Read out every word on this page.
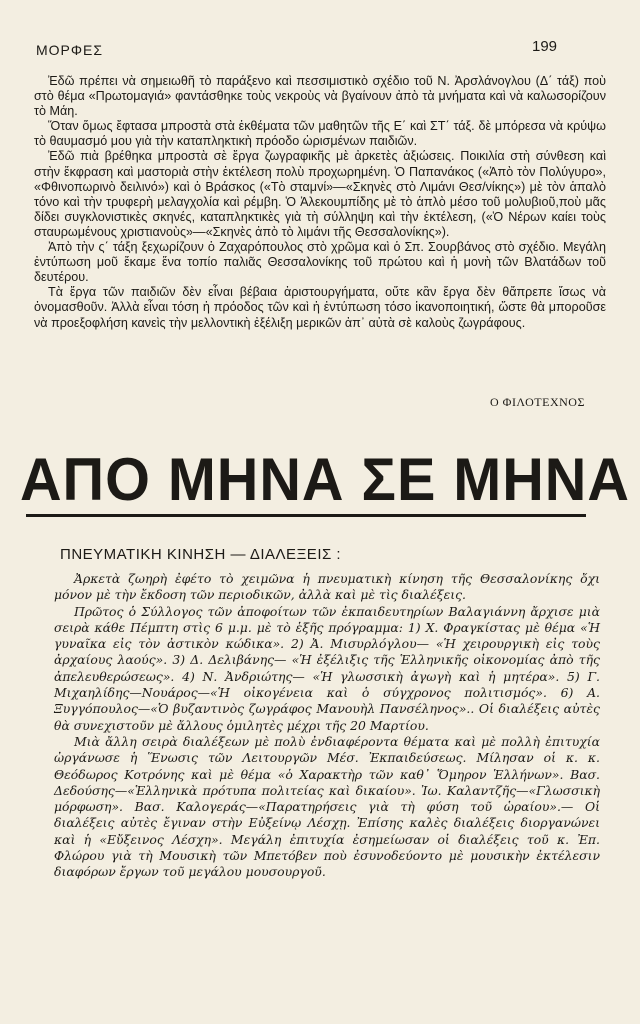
ΜΟΡΦΕΣ	199

Ἐδῶ πρέπει νὰ σημειωθῆ τὸ παράξενο καὶ πεσσιμιστικὸ σχέδιο τοῦ Ν. Ἀρσλάνογλου (Δ΄ τάξ) ποὺ στὸ θέμα «Πρωτομαγιά» φαντάσθηκε τοὺς νεκροὺς νὰ βγαίνουν ἀπὸ τὰ μνήματα καὶ νὰ καλωσορίζουν τὸ Μάη.

Ὅταν ὅμως ἔφτασα μπροστὰ στὰ ἐκθέματα τῶν μαθητῶν τῆς Ε΄ καὶ ΣΤ΄ τάξ. δὲ μπόρεσα νὰ κρύψω τὸ θαυμασμό μου γιὰ τὴν καταπληκτικὴ πρόοδο ὡρισμένων παιδιῶν.

Ἐδῶ πιὰ βρέθηκα μπροστὰ σὲ ἔργα ζωγραφικῆς μὲ ἀρκετὲς ἀξιώσεις. Ποικιλία στὴ σύνθεση καὶ στὴν ἔκφραση καὶ μαστοριὰ στὴν ἐκτέλεση πολὺ προχωρημένη. Ὁ Παπανάκος («Ἀπὸ τὸν Πολύγυρο», «Φθινοπωρινὸ δειλινό») καὶ ὁ Βράσκος («Τὸ σταμνί»—«Σκηνὲς στὸ Λιμάνι Θεσ/νίκης») μὲ τὸν ἁπαλὸ τόνο καὶ τὴν τρυφερὴ μελαγχολία καὶ ρέμβη. Ὁ Ἀλεκουμπίδης μὲ τὸ ἁπλὸ μέσο τοῦ μολυβιοῦ,ποὺ μᾶς δίδει συγκλονιστικὲς σκηνές, καταπληκτικὲς γιὰ τὴ σύλληψη καὶ τὴν ἐκτέλεση, («Ὁ Νέρων καίει τοὺς σταυρωμένους χριστιανοὺς»—«Σκηνὲς ἀπὸ τὸ λιμάνι τῆς Θεσσαλονίκης»).

Ἀπὸ τὴν ς΄ τάξη ξεχωρίζουν ὁ Ζαχαρόπουλος στὸ χρῶμα καὶ ὁ Σπ. Σουρβάνος στὸ σχέδιο. Μεγάλη ἐντύπωση μοῦ ἔκαμε ἕνα τοπίο παλιᾶς Θεσσαλονίκης τοῦ πρώτου καὶ ἡ μονὴ τῶν Βλατάδων τοῦ δευτέρου.

Τὰ ἔργα τῶν παιδιῶν δὲν εἶναι βέβαια ἀριστουργήματα, οὔτε κἂν ἔργα δὲν θἄπρεπε ἴσως νὰ ὀνομασθοῦν. Ἀλλὰ εἶναι τόση ἡ πρόοδος τῶν καὶ ἡ ἐντύπωση τόσο ἱκανοποιητική, ὥστε θὰ μποροῦσε νὰ προεξοφλήση κανεὶς τὴν μελλοντικὴ ἐξέλιξη μερικῶν ἀπ᾽ αὐτὰ σὲ καλοὺς ζωγράφους.

Ο ΦΙΛΟΤΕΧΝΟΣ
ΑΠΟ ΜΗΝΑ ΣΕ ΜΗΝΑ
ΠΝΕΥΜΑΤΙΚΗ ΚΙΝΗΣΗ — ΔΙΑΛΕΞΕΙΣ :

Ἀρκετὰ ζωηρὴ ἐφέτο τὸ χειμῶνα ἡ πνευματικὴ κίνηση τῆς Θεσσαλονίκης ὄχι μόνον μὲ τὴν ἔκδοση τῶν περιοδικῶν, ἀλλὰ καὶ μὲ τὶς διαλέξεις.

Πρῶτος ὁ Σύλλογος τῶν ἀποφοίτων τῶν ἐκπαιδευτηρίων Βαλαγιάννη ἄρχισε μιὰ σειρὰ κάθε Πέμπτη στὶς 6 μ.μ. μὲ τὸ ἑξῆς πρόγραμμα: 1) Χ. Φραγκίστας μὲ θέμα «Ἡ γυναῖκα εἰς τὸν ἀστικὸν κώδικα». 2) Ἀ. Μισυρλόγλου— «Ἡ χειρουργικὴ εἰς τοὺς ἀρχαίους λαούς». 3) Δ. Δελιβάνης— «Ἡ ἐξέλιξις τῆς Ἑλληνικῆς οἰκονομίας ἀπὸ τῆς ἀπελευθερώσεως». 4) Ν. Ἀνδριώτης— «Ἡ γλωσσικὴ ἀγωγὴ καὶ ἡ μητέρα». 5) Γ. Μιχαηλίδης—Νουάρος—«Ἡ οἰκογένεια καὶ ὁ σύγχρονος πολιτισμός». 6) Α. Ξυγγόπουλος—«Ὁ βυζαντινὸς ζωγράφος Μανουὴλ Πανσέληνος».. Οἱ διαλέξεις αὐτὲς θὰ συνεχιστοῦν μὲ ἄλλους ὁμιλητὲς μέχρι τῆς 20 Μαρτίου.

Μιὰ ἄλλη σειρὰ διαλέξεων μὲ πολὺ ἐνδιαφέροντα θέματα καὶ μὲ πολλὴ ἐπιτυχία ὠργάνωσε ἡ Ἕνωσις τῶν Λειτουργῶν Μέσ. Ἐκπαιδεύσεως. Μίλησαν οἱ κ. κ. Θεόδωρος Κοτρόνης καὶ μὲ θέμα «ὁ Χαρακτὴρ τῶν καθ᾽ Ὅμηρον Ἑλλήνων». Βασ. Δεδούσης—«Ἑλληνικὰ πρότυπα πολιτείας καὶ δικαίου». Ἰω. Καλαντζῆς—«Γλωσσικὴ μόρφωση». Βασ. Καλογεράς—«Παρατηρήσεις γιὰ τὴ φύση τοῦ ὡραίου».— Οἱ διαλέξεις αὐτὲς ἔγιναν στὴν Εὐξείνῳ Λέσχῃ. Ἐπίσης καλὲς διαλέξεις διοργανώνει καὶ ἡ «Εὔξεινος Λέσχη». Μεγάλη ἐπιτυχία ἐσημείωσαν οἱ διαλέξεις τοῦ κ. Ἐπ. Φλώρου γιὰ τὴ Μουσικὴ τῶν Μπετόβεν ποὺ ἐσυνοδεύοντο μὲ μουσικὴν ἐκτέλεσιν διαφόρων ἔργων τοῦ μεγάλου μουσουργοῦ.
